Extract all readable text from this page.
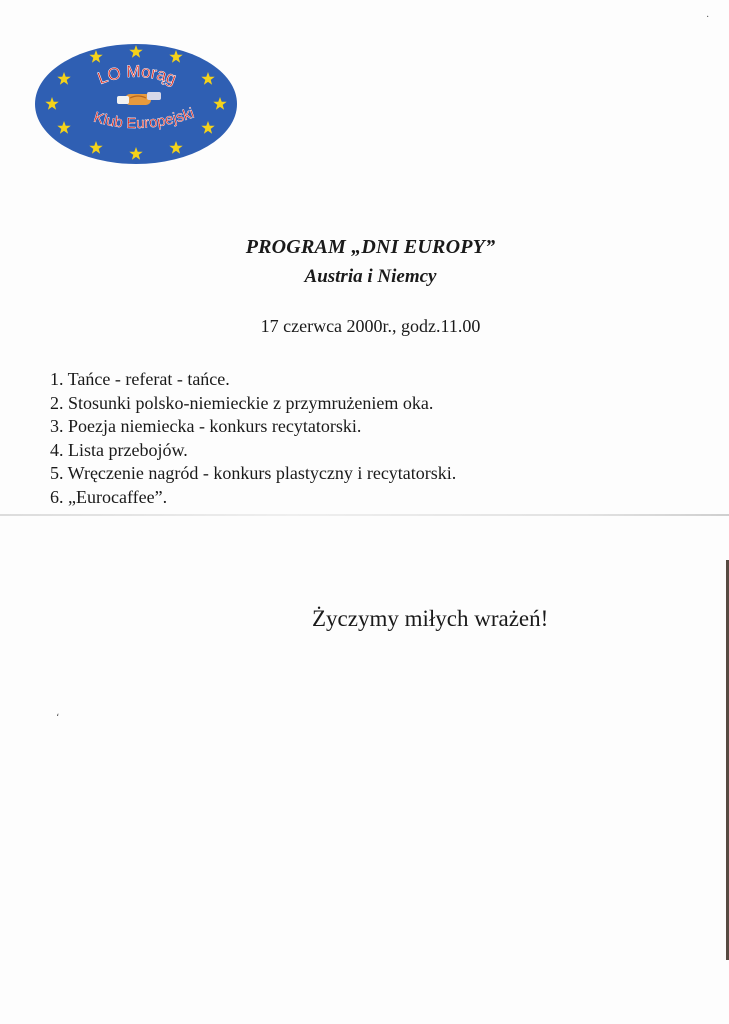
LO Morąg
Klub Europejski
PROGRAM „DNI EUROPY”
Austria i Niemcy
17 czerwca 2000r., godz.11.00
1. Tańce - referat - tańce.
2. Stosunki polsko-niemieckie z przymrużeniem oka.
3. Poezja niemiecka - konkurs recytatorski.
4. Lista przebojów.
5. Wręczenie nagród - konkurs plastyczny i recytatorski.
6. „Eurocaffee”.
Życzymy miłych wrażeń!
،
·
